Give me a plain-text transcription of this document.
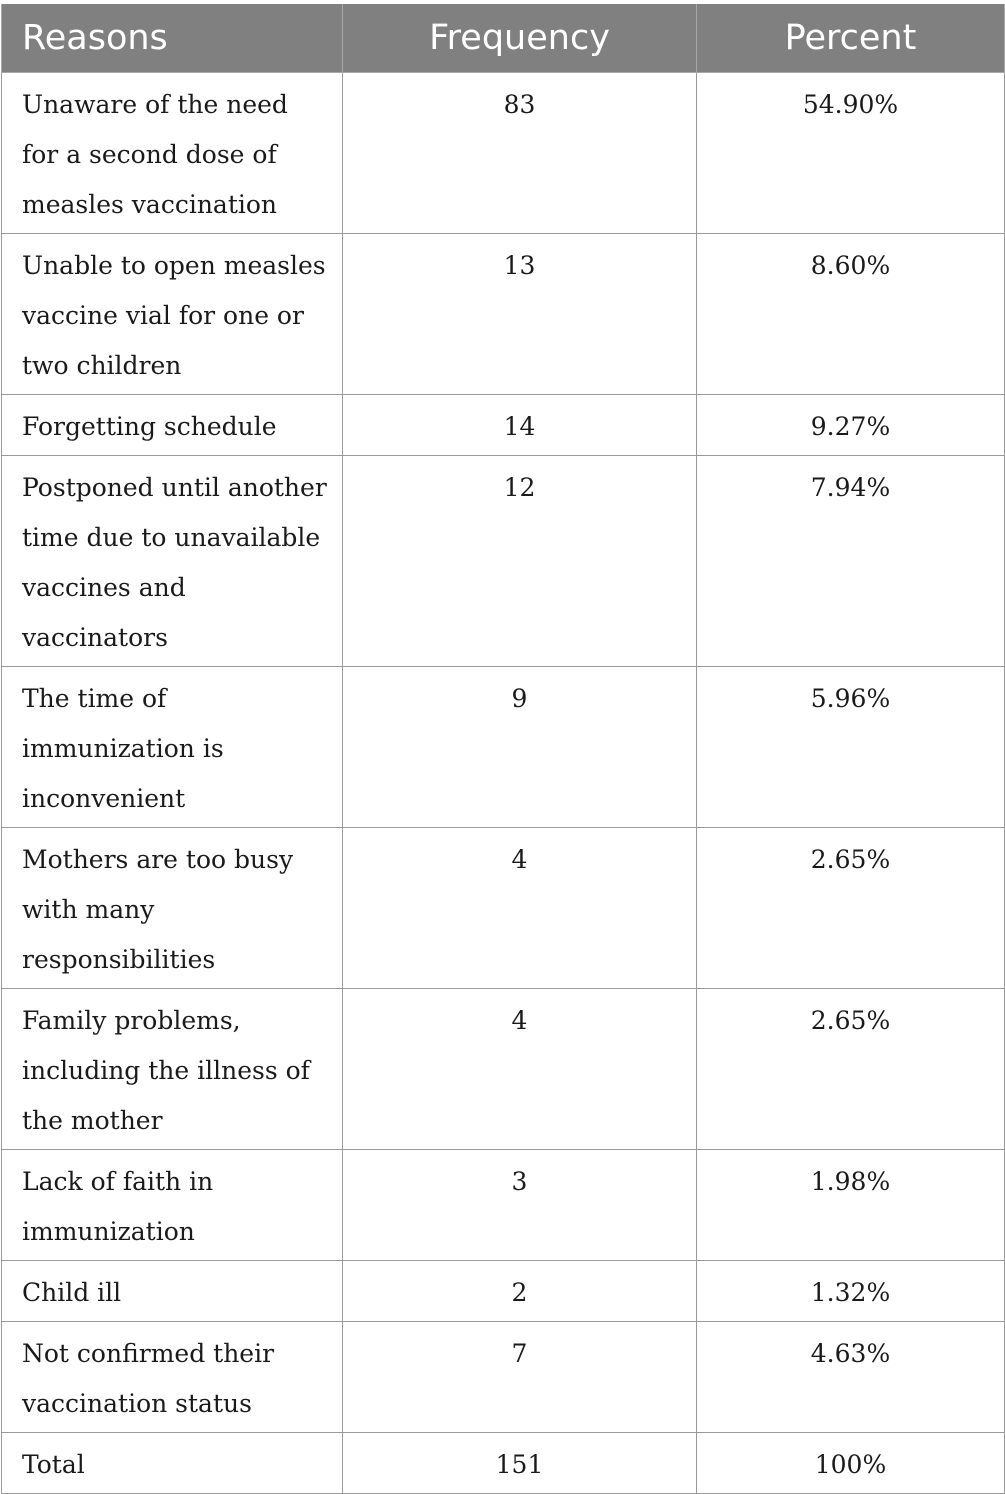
Reasons	Frequency	Percent
Unaware of the need for a second dose of measles vaccination	83	54.90%
Unable to open measles vaccine vial for one or two children	13	8.60%
Forgetting schedule	14	9.27%
Postponed until another time due to unavailable vaccines and vaccinators	12	7.94%
The time of immunization is inconvenient	9	5.96%
Mothers are too busy with many responsibilities	4	2.65%
Family problems, including the illness of the mother	4	2.65%
Lack of faith in immunization	3	1.98%
Child ill	2	1.32%
Not confirmed their vaccination status	7	4.63%
Total	151	100%
